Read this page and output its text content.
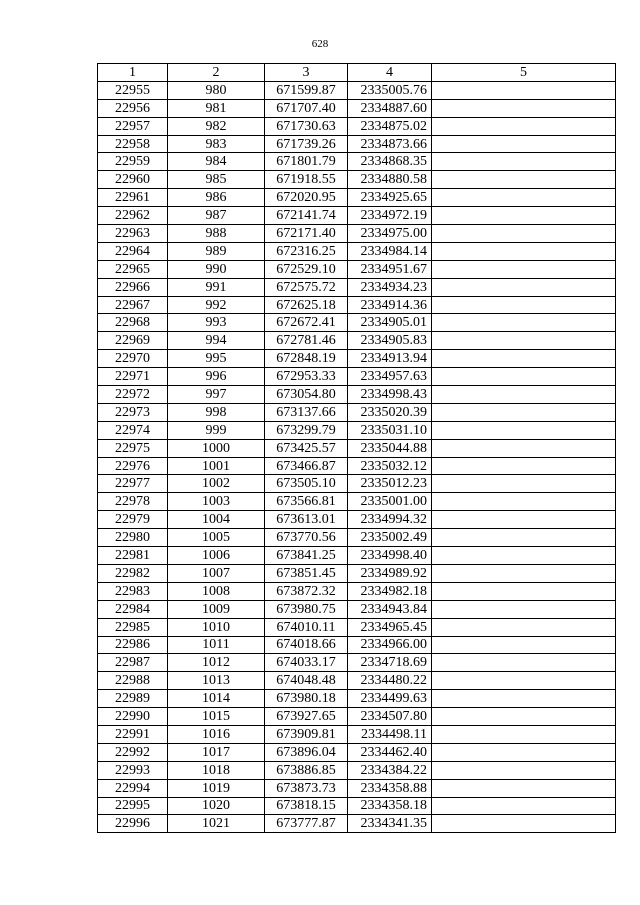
628
1	2	3	4	5
22955	980	671599.87	2335005.76	
22956	981	671707.40	2334887.60	
22957	982	671730.63	2334875.02	
22958	983	671739.26	2334873.66	
22959	984	671801.79	2334868.35	
22960	985	671918.55	2334880.58	
22961	986	672020.95	2334925.65	
22962	987	672141.74	2334972.19	
22963	988	672171.40	2334975.00	
22964	989	672316.25	2334984.14	
22965	990	672529.10	2334951.67	
22966	991	672575.72	2334934.23	
22967	992	672625.18	2334914.36	
22968	993	672672.41	2334905.01	
22969	994	672781.46	2334905.83	
22970	995	672848.19	2334913.94	
22971	996	672953.33	2334957.63	
22972	997	673054.80	2334998.43	
22973	998	673137.66	2335020.39	
22974	999	673299.79	2335031.10	
22975	1000	673425.57	2335044.88	
22976	1001	673466.87	2335032.12	
22977	1002	673505.10	2335012.23	
22978	1003	673566.81	2335001.00	
22979	1004	673613.01	2334994.32	
22980	1005	673770.56	2335002.49	
22981	1006	673841.25	2334998.40	
22982	1007	673851.45	2334989.92	
22983	1008	673872.32	2334982.18	
22984	1009	673980.75	2334943.84	
22985	1010	674010.11	2334965.45	
22986	1011	674018.66	2334966.00	
22987	1012	674033.17	2334718.69	
22988	1013	674048.48	2334480.22	
22989	1014	673980.18	2334499.63	
22990	1015	673927.65	2334507.80	
22991	1016	673909.81	2334498.11	
22992	1017	673896.04	2334462.40	
22993	1018	673886.85	2334384.22	
22994	1019	673873.73	2334358.88	
22995	1020	673818.15	2334358.18	
22996	1021	673777.87	2334341.35	
